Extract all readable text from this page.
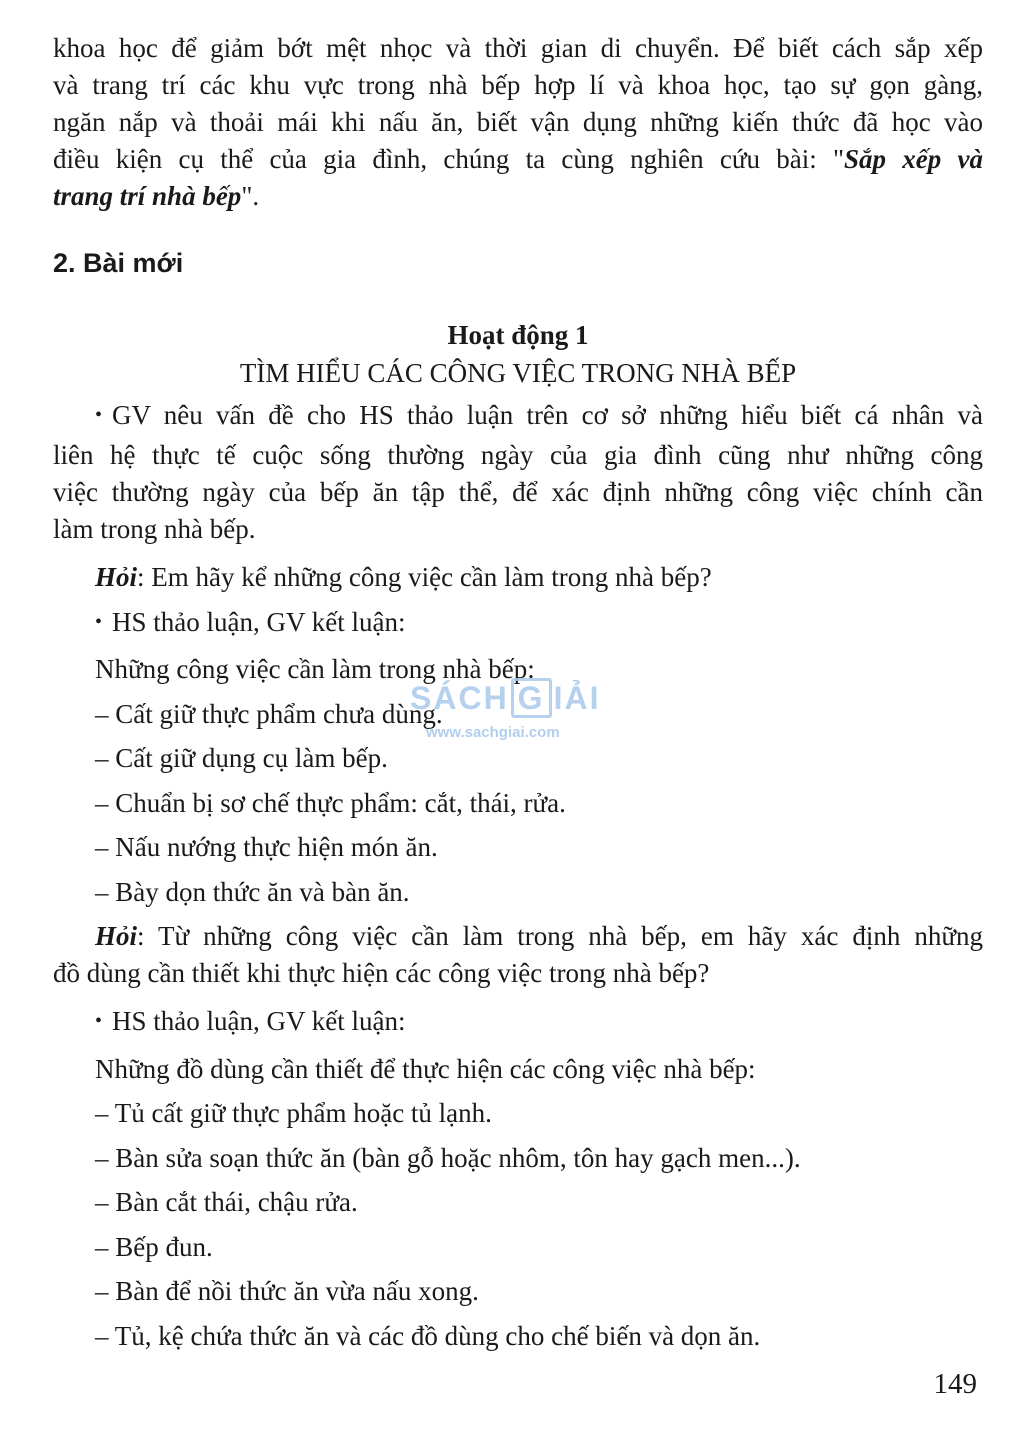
khoa học để giảm bớt mệt nhọc và thời gian di chuyển. Để biết cách sắp xếp

và trang trí các khu vực trong nhà bếp hợp lí và khoa học, tạo sự gọn gàng,

ngăn nắp và thoải mái khi nấu ăn, biết vận dụng những kiến thức đã học vào

điều kiện cụ thể của gia đình, chúng ta cùng nghiên cứu bài: "Sắp xếp và

trang trí nhà bếp".

2. Bài mới
Hoạt động 1
TÌM HIỂU CÁC CÔNG VIỆC TRONG NHÀ BẾP

• GV nêu vấn đề cho HS thảo luận trên cơ sở những hiểu biết cá nhân và

liên hệ thực tế cuộc sống thường ngày của gia đình cũng như những công

việc thường ngày của bếp ăn tập thể, để xác định những công việc chính cần

làm trong nhà bếp.

Hỏi: Em hãy kể những công việc cần làm trong nhà bếp?
• HS thảo luận, GV kết luận:
Những công việc cần làm trong nhà bếp:
– Cất giữ thực phẩm chưa dùng.
– Cất giữ dụng cụ làm bếp.
– Chuẩn bị sơ chế thực phẩm: cắt, thái, rửa.
– Nấu nướng thực hiện món ăn.
– Bày dọn thức ăn và bàn ăn.

Hỏi: Từ những công việc cần làm trong nhà bếp, em hãy xác định những

đồ dùng cần thiết khi thực hiện các công việc trong nhà bếp?

• HS thảo luận, GV kết luận:
Những đồ dùng cần thiết để thực hiện các công việc nhà bếp:
– Tủ cất giữ thực phẩm hoặc tủ lạnh.
– Bàn sửa soạn thức ăn (bàn gỗ hoặc nhôm, tôn hay gạch men...).
– Bàn cắt thái, chậu rửa.
– Bếp đun.
– Bàn để nồi thức ăn vừa nấu xong.
– Tủ, kệ chứa thức ăn và các đồ dùng cho chế biến và dọn ăn.
SÁCH G IẢI
www.sachgiai.com
149
